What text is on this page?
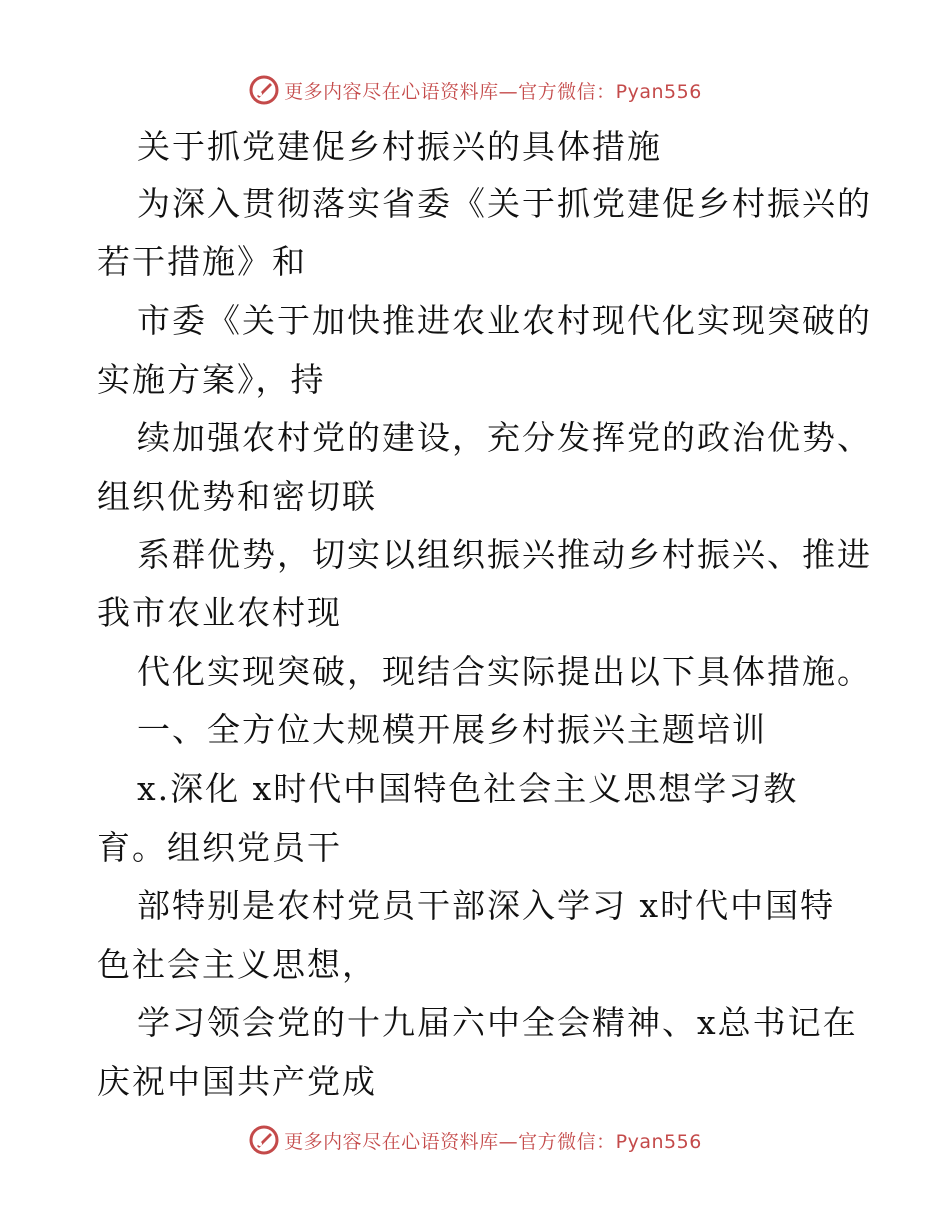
更多内容尽在心语资料库—官方微信：Pyan556
关于抓党建促乡村振兴的具体措施
为深入贯彻落实省委《关于抓党建促乡村振兴的
若干措施》和
市委《关于加快推进农业农村现代化实现突破的
实施方案》，持
续加强农村党的建设，充分发挥党的政治优势、
组织优势和密切联
系群优势，切实以组织振兴推动乡村振兴、推进
我市农业农村现
代化实现突破，现结合实际提出以下具体措施。
一、全方位大规模开展乡村振兴主题培训
x.深化 x时代中国特色社会主义思想学习教
育。组织党员干
部特别是农村党员干部深入学习 x时代中国特
色社会主义思想，
学习领会党的十九届六中全会精神、x总书记在
庆祝中国共产党成
更多内容尽在心语资料库—官方微信：Pyan556
